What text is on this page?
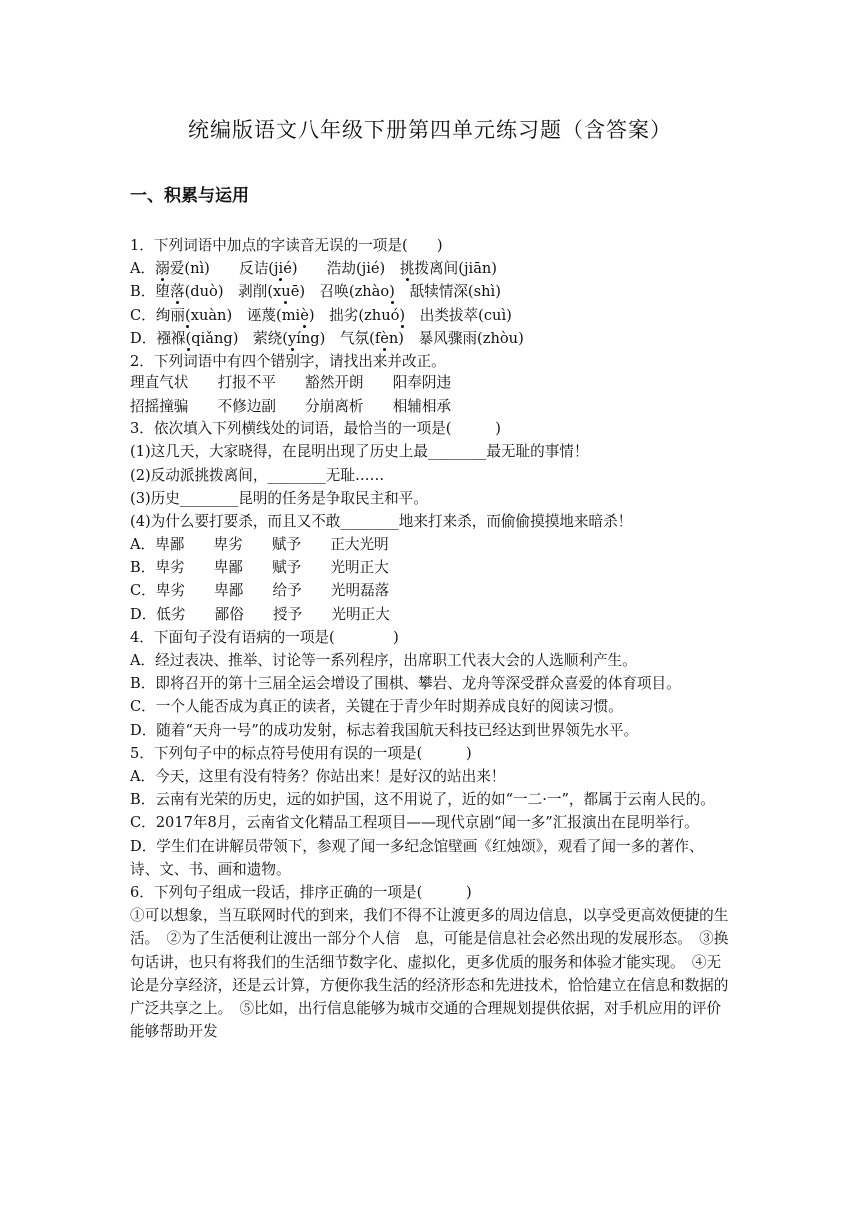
统编版语文八年级下册第四单元练习题（含答案）
一、积累与运用
1．下列词语中加点的字读音无误的一项是(　　)
A．溺爱(nì)　　 反诘(jié)　　 浩劫(jié)　 挑拨离间(jiān)
B．堕落(duò)　 剥削(xuē)　 召唤(zhào)　 舐犊情深(shì)
C．绚丽(xuàn)　 诬蔑(miè)　 拙劣(zhuó)　 出类拔萃(cuì)
D．襁褓(qiǎng)　 萦绕(yíng)　 气氛(fèn)　 暴风骤雨(zhòu)
2．下列词语中有四个错别字，请找出来并改正。
理直气状　　打报不平　　豁然开朗　　阳奉阴违
招摇撞骗　　不修边副　　分崩离析　　相辅相承
3．依次填入下列横线处的词语，最恰当的一项是(　　　)
(1)这几天，大家晓得，在昆明出现了历史上最________最无耻的事情！
(2)反动派挑拨离间，________无耻……
(3)历史________昆明的任务是争取民主和平。
(4)为什么要打要杀，而且又不敢________地来打来杀，而偷偷摸摸地来暗杀！
A．卑鄙　　卑劣　　赋予　　正大光明
B．卑劣　　卑鄙　　赋予　　光明正大
C．卑劣　　卑鄙　　给予　　光明磊落
D．低劣　　鄙俗　　授予　　光明正大
4．下面句子没有语病的一项是(　　　　)
A．经过表决、推举、讨论等一系列程序，出席职工代表大会的人选顺利产生。
B．即将召开的第十三届全运会增设了围棋、攀岩、龙舟等深受群众喜爱的体育项目。
C．一个人能否成为真正的读者，关键在于青少年时期养成良好的阅读习惯。
D．随着“天舟一号”的成功发射，标志着我国航天科技已经达到世界领先水平。
5．下列句子中的标点符号使用有误的一项是(　　　)
A．今天，这里有没有特务？你站出来！是好汉的站出来！
B．云南有光荣的历史，远的如护国，这不用说了，近的如“一二·一”，都属于云南人民的。
C．2017年8月，云南省文化精品工程项目——现代京剧“闻一多”汇报演出在昆明举行。
D．学生们在讲解员带领下，参观了闻一多纪念馆壁画《红烛颂》，观看了闻一多的著作、诗、文、书、画和遗物。
6．下列句子组成一段话，排序正确的一项是(　　　)
①可以想象，当互联网时代的到来，我们不得不让渡更多的周边信息，以享受更高效便捷的生活。　②为了生活便利让渡出一部分个人信　息，可能是信息社会必然出现的发展形态。　③换句话讲，也只有将我们的生活细节数字化、虚拟化，更多优质的服务和体验才能实现。　④无论是分享经济，还是云计算，方便你我生活的经济形态和先进技术，恰恰建立在信息和数据的广泛共享之上。　⑤比如，出行信息能够为城市交通的合理规划提供依据，对手机应用的评价能够帮助开发
